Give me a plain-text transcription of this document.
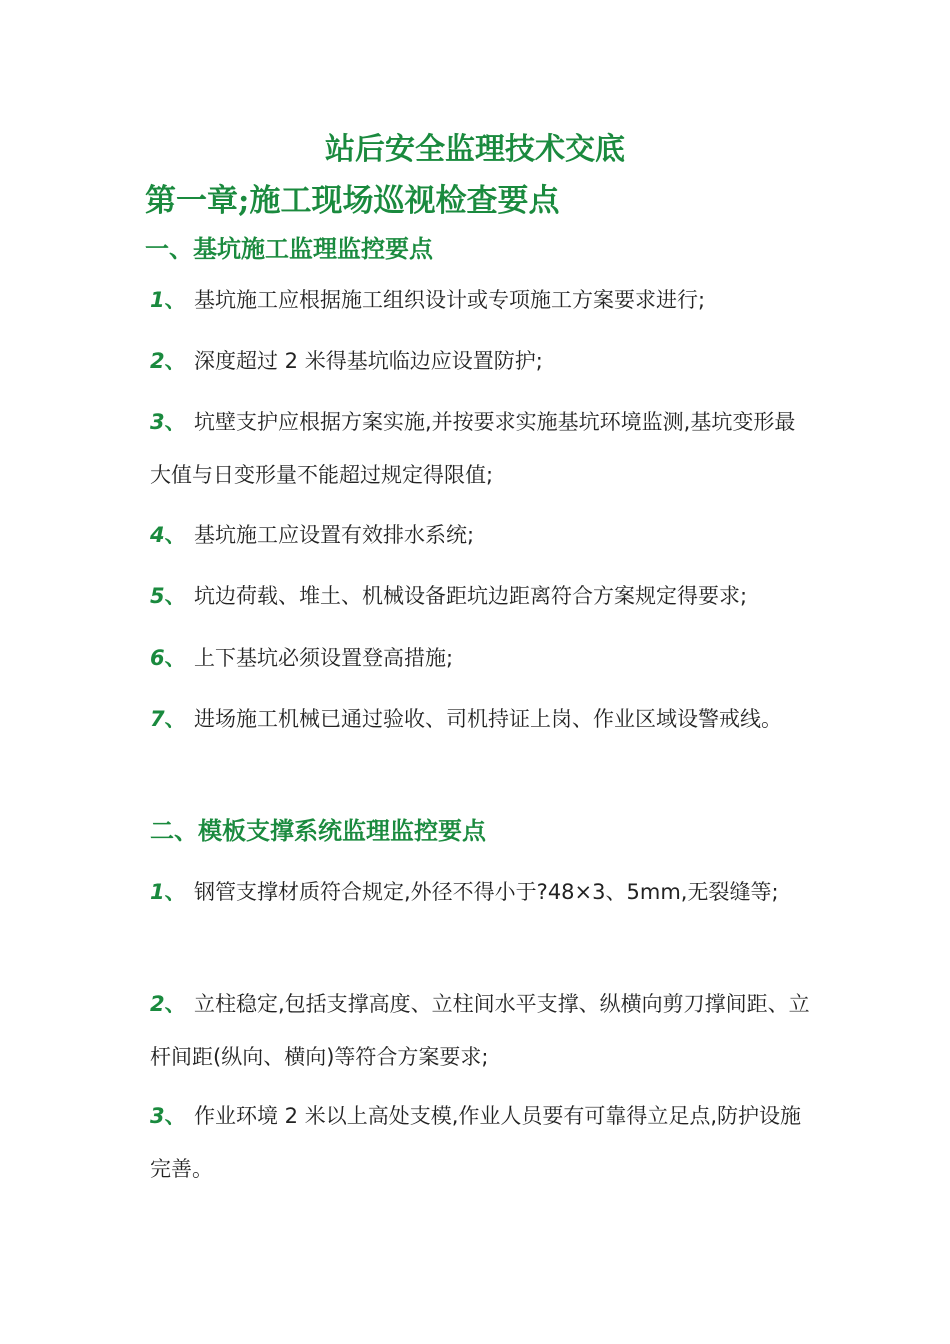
站后安全监理技术交底
第一章;施工现场巡视检查要点
一、基坑施工监理监控要点
1、 基坑施工应根据施工组织设计或专项施工方案要求进行;
2、 深度超过 2 米得基坑临边应设置防护;
3、 坑壁支护应根据方案实施,并按要求实施基坑环境监测,基坑变形最大值与日变形量不能超过规定得限值;
4、 基坑施工应设置有效排水系统;
5、 坑边荷载、堆土、机械设备距坑边距离符合方案规定得要求;
6、 上下基坑必须设置登高措施;
7、 进场施工机械已通过验收、司机持证上岗、作业区域设警戒线。
二、模板支撑系统监理监控要点
1、 钢管支撑材质符合规定,外径不得小于?48×3、5mm,无裂缝等;
2、 立柱稳定,包括支撑高度、立柱间水平支撑、纵横向剪刀撑间距、立杆间距(纵向、横向)等符合方案要求;
3、 作业环境 2 米以上高处支模,作业人员要有可靠得立足点,防护设施完善。
